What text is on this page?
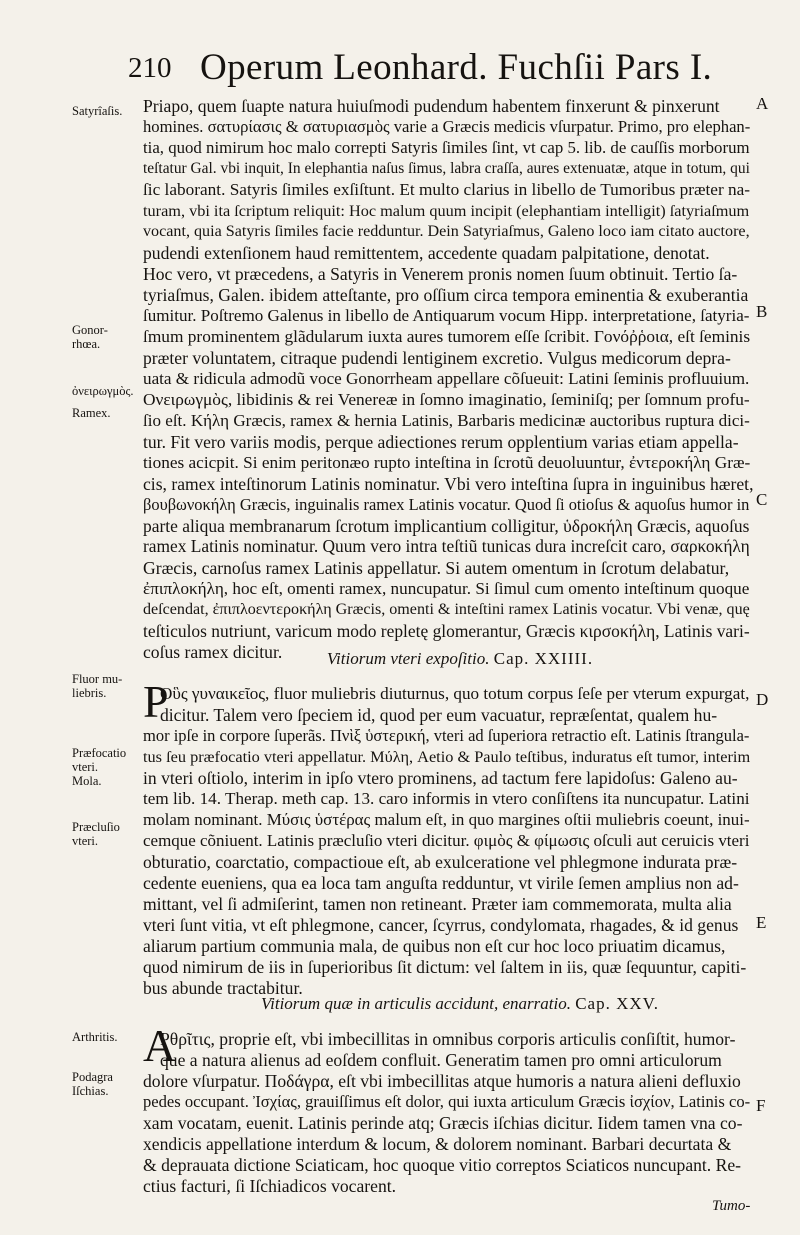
210 Operum Leonhard. Fuchſii Pars I.
Satyrîaſis.
Gonor-
rhœa.
ὀνειρωγμὸς.
Ramex.
Fluor mu-
liebris.
Præfocatio
vteri.
Mola.
Præcluſio
vteri.
Arthritis.
Podagra
Iſchias.
A
B
C
D
E
F
Priapo, quem ſuapte natura huiuſmodi pudendum habentem finxerunt & pinxerunt
homines. σατυρίασις & σατυριασμὸς varie a Græcis medicis vſurpatur. Primo, pro elephan-
tia, quod nimirum hoc malo correpti Satyris ſimiles ſint, vt cap 5. lib. de cauſſis morborum
teſtatur Gal. vbi inquit, In elephantia naſus ſimus, labra craſſa, aures extenuatæ, atque in totum, qui
ſic laborant. Satyris ſimiles exſiſtunt. Et multo clarius in libello de Tumoribus præter na-
turam, vbi ita ſcriptum reliquit: Hoc malum quum incipit (elephantiam intelligit) ſatyriaſmum
vocant, quia Satyris ſimiles facie redduntur. Dein Satyriaſmus, Galeno loco iam citato auctore,
pudendi extenſionem haud remittentem, accedente quadam palpitatione, denotat.
Hoc vero, vt præcedens, a Satyris in Venerem pronis nomen ſuum obtinuit. Tertio ſa-
tyriaſmus, Galen. ibidem atteſtante, pro oſſium circa tempora eminentia & exuberantia
ſumitur. Poſtremo Galenus in libello de Antiquarum vocum Hipp. interpretatione, ſatyria-
ſmum prominentem glãdularum iuxta aures tumorem eſſe ſcribit. Γονόῤῥοια, eſt ſeminis
præter voluntatem, citraque pudendi lentiginem excretio. Vulgus medicorum depra-
uata & ridicula admodũ voce Gonorrheam appellare cõſueuit: Latini ſeminis profluuium.
Ονειρωγμὸς, libidinis & rei Venereæ in ſomno imaginatio, ſeminiſq; per ſomnum profu-
ſio eſt. Κήλη Græcis, ramex & hernia Latinis, Barbaris medicinæ auctoribus ruptura dici-
tur. Fit vero variis modis, perque adiectiones rerum opplentium varias etiam appella-
tiones acicpit. Si enim peritonæo rupto inteſtina in ſcrotũ deuoluuntur, ἐντεροκήλη Græ-
cis, ramex inteſtinorum Latinis nominatur. Vbi vero inteſtina ſupra in inguinibus hæret,
βουβωνοκήλη Græcis, inguinalis ramex Latinis vocatur. Quod ſi otioſus & aquoſus humor in
parte aliqua membranarum ſcrotum implicantium colligitur, ὑδροκήλη Græcis, aquoſus
ramex Latinis nominatur. Quum vero intra teſtiũ tunicas dura increſcit caro, σαρκοκήλη
Græcis, carnoſus ramex Latinis appellatur. Si autem omentum in ſcrotum delabatur,
ἐπιπλοκήλη, hoc eſt, omenti ramex, nuncupatur. Si ſimul cum omento inteſtinum quoque
deſcendat, ἐπιπλοεντεροκήλη Græcis, omenti & inteſtini ramex Latinis vocatur. Vbi venæ, quę
teſticulos nutriunt, varicum modo repletę glomerantur, Græcis κιρσοκήλη, Latinis vari-
coſus ramex dicitur.	Vitiorum vteri expoſitio. Cap. XXIIII.
P
Οὓς γυναικεῖος, fluor muliebris diuturnus, quo totum corpus ſeſe per vterum expurgat,
dicitur. Talem vero ſpeciem id, quod per eum vacuatur, repræſentat, qualem hu-
mor ipſe in corpore ſuperãs. Πνὶξ ὑστερική, vteri ad ſuperiora retractio eſt. Latinis ſtrangula-
tus ſeu præfocatio vteri appellatur. Μύλη, Aetio & Paulo teſtibus, induratus eſt tumor, interim
in vteri oſtiolo, interim in ipſo vtero prominens, ad tactum fere lapidoſus: Galeno au-
tem lib. 14. Therap. meth cap. 13. caro informis in vtero conſiſtens ita nuncupatur. Latini
molam nominant. Μύσις ὑστέρας malum eſt, in quo margines oſtii muliebris coeunt, inui-
cemque cõniuent. Latinis præcluſio vteri dicitur. φιμὸς & φίμωσις oſculi aut ceruicis vteri
obturatio, coarctatio, compactioue eſt, ab exulceratione vel phlegmone indurata præ-
cedente eueniens, qua ea loca tam anguſta redduntur, vt virile ſemen amplius non ad-
mittant, vel ſi admiſerint, tamen non retineant. Præter iam commemorata, multa alia
vteri ſunt vitia, vt eſt phlegmone, cancer, ſcyrrus, condylomata, rhagades, & id genus
aliarum partium communia mala, de quibus non eſt cur hoc loco priuatim dicamus,
quod nimirum de iis in ſuperioribus ſit dictum: vel ſaltem in iis, quæ ſequuntur, capiti-
bus abunde tractabitur.
Vitiorum quæ in articulis accidunt, enarratio. Cap. XXV.
A
Ρθρῖτις, proprie eſt, vbi imbecillitas in omnibus corporis articulis conſiſtit, humor-
que a natura alienus ad eoſdem confluit. Generatim tamen pro omni articulorum
dolore vſurpatur. Ποδάγρα, eſt vbi imbecillitas atque humoris a natura alieni defluxio
pedes occupant. Ἰσχίας, grauiſſimus eſt dolor, qui iuxta articulum Græcis ἰσχίον, Latinis co-
xam vocatam, euenit. Latinis perinde atq; Græcis iſchias dicitur. Iidem tamen vna co-
xendicis appellatione interdum & locum, & dolorem nominant. Barbari decurtata &
& deprauata dictione Sciaticam, hoc quoque vitio correptos Sciaticos nuncupant. Re-
ctius facturi, ſi Iſchiadicos vocarent.
Tumo-
